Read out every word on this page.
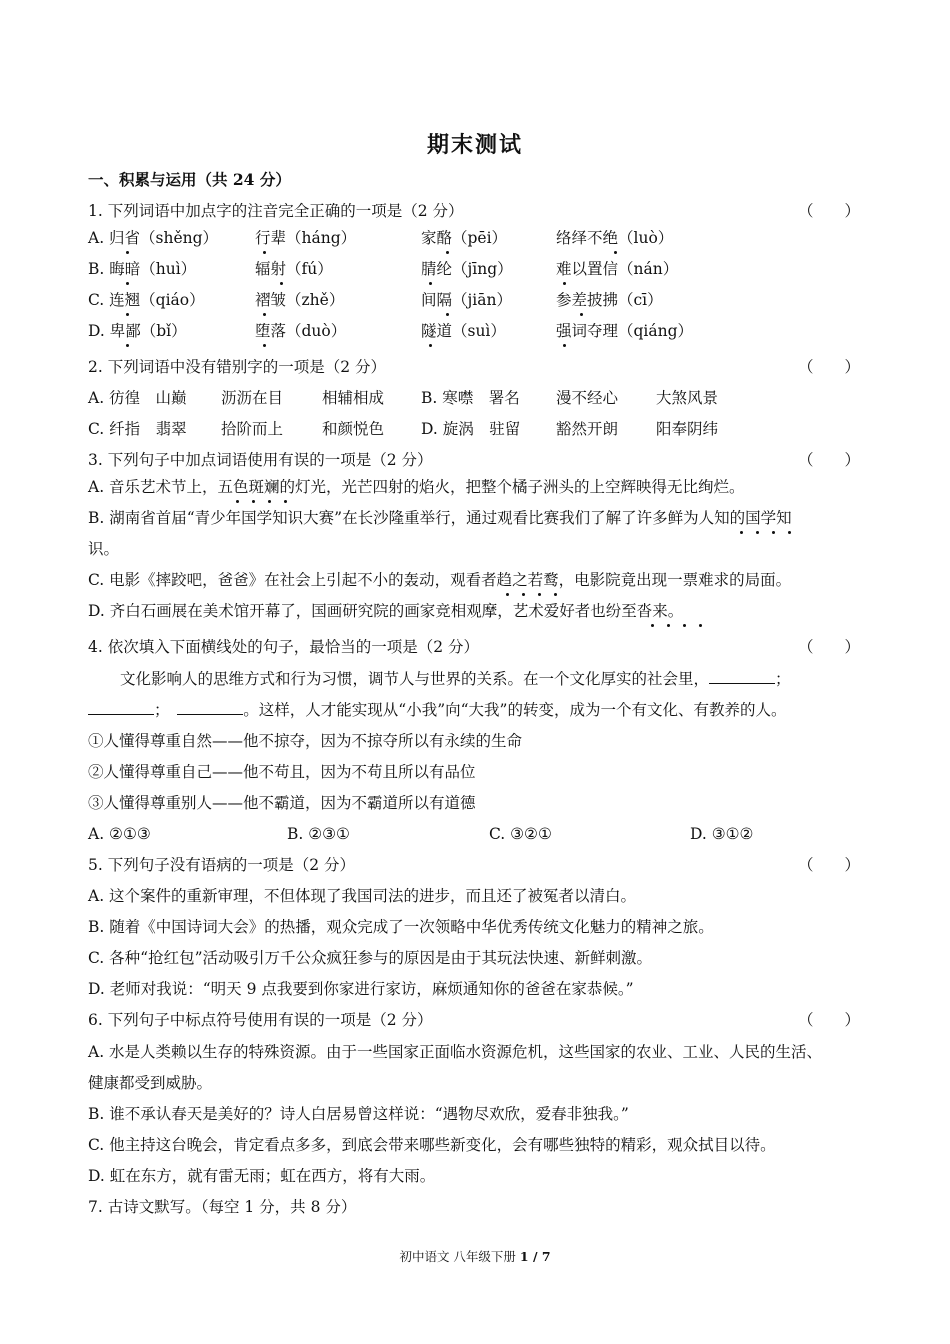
期末测试
一、积累与运用（共 24 分）
1. 下列词语中加点字的注音完全正确的一项是（2 分）	（　　）
A. 归省（shěng） 行辈（háng）	家酪（pēi）	络绎不绝（luò）
B. 晦暗（huì）	辐射（fú）	腈纶（jīng）	难以置信（nán）
C. 连翘（qiáo）	褶皱（zhě）	间隔（jiān）	参差披拂（cī）
D. 卑鄙（bǐ）	堕落（duò）	隧道（suì）	强词夺理（qiáng）
2. 下列词语中没有错别字的一项是（2 分）	（　　）
A. 彷徨　山巅 沥沥在目	相辅相成 B. 寒噤　署名 漫不经心 大煞风景
C. 纤指　翡翠 拾阶而上	和颜悦色 D. 旋涡　驻留 豁然开朗 阳奉阴纬
3. 下列句子中加点词语使用有误的一项是（2 分）	（　　）
A. 音乐艺术节上，五色斑斓的灯光，光芒四射的焰火，把整个橘子洲头的上空辉映得无比绚烂。
B. 湖南省首届“青少年国学知识大赛”在长沙隆重举行，通过观看比赛我们了解了许多鲜为人知的国学知
识。
C. 电影《摔跤吧，爸爸》在社会上引起不小的轰动，观看者趋之若鹜，电影院竟出现一票难求的局面。
D. 齐白石画展在美术馆开幕了，国画研究院的画家竞相观摩，艺术爱好者也纷至沓来。
4. 依次填入下面横线处的句子，最恰当的一项是（2 分）	（　　）
文化影响人的思维方式和行为习惯，调节人与世界的关系。在一个文化厚实的社会里，	；
； 	。这样，人才能实现从“小我”向“大我”的转变，成为一个有文化、有教养的人。
①人懂得尊重自然——他不掠夺，因为不掠夺所以有永续的生命
②人懂得尊重自己——他不苟且，因为不苟且所以有品位
③人懂得尊重别人——他不霸道，因为不霸道所以有道德
A. ②①③	B. ②③①	C. ③②①	D. ③①②
5. 下列句子没有语病的一项是（2 分）	（　　）
A. 这个案件的重新审理，不但体现了我国司法的进步，而且还了被冤者以清白。
B. 随着《中国诗词大会》的热播，观众完成了一次领略中华优秀传统文化魅力的精神之旅。
C. 各种“抢红包”活动吸引万千公众疯狂参与的原因是由于其玩法快速、新鲜刺激。
D. 老师对我说：“明天 9 点我要到你家进行家访，麻烦通知你的爸爸在家恭候。”
6. 下列句子中标点符号使用有误的一项是（2 分）	（　　）
A. 水是人类赖以生存的特殊资源。由于一些国家正面临水资源危机，这些国家的农业、工业、人民的生活、
健康都受到威胁。
B. 谁不承认春天是美好的？诗人白居易曾这样说：“遇物尽欢欣，爱春非独我。”
C. 他主持这台晚会，肯定看点多多，到底会带来哪些新变化，会有哪些独特的精彩，观众拭目以待。
D. 虹在东方，就有雷无雨；虹在西方，将有大雨。
7. 古诗文默写。（每空 1 分，共 8 分）
初中语文 八年级下册 1 / 7
